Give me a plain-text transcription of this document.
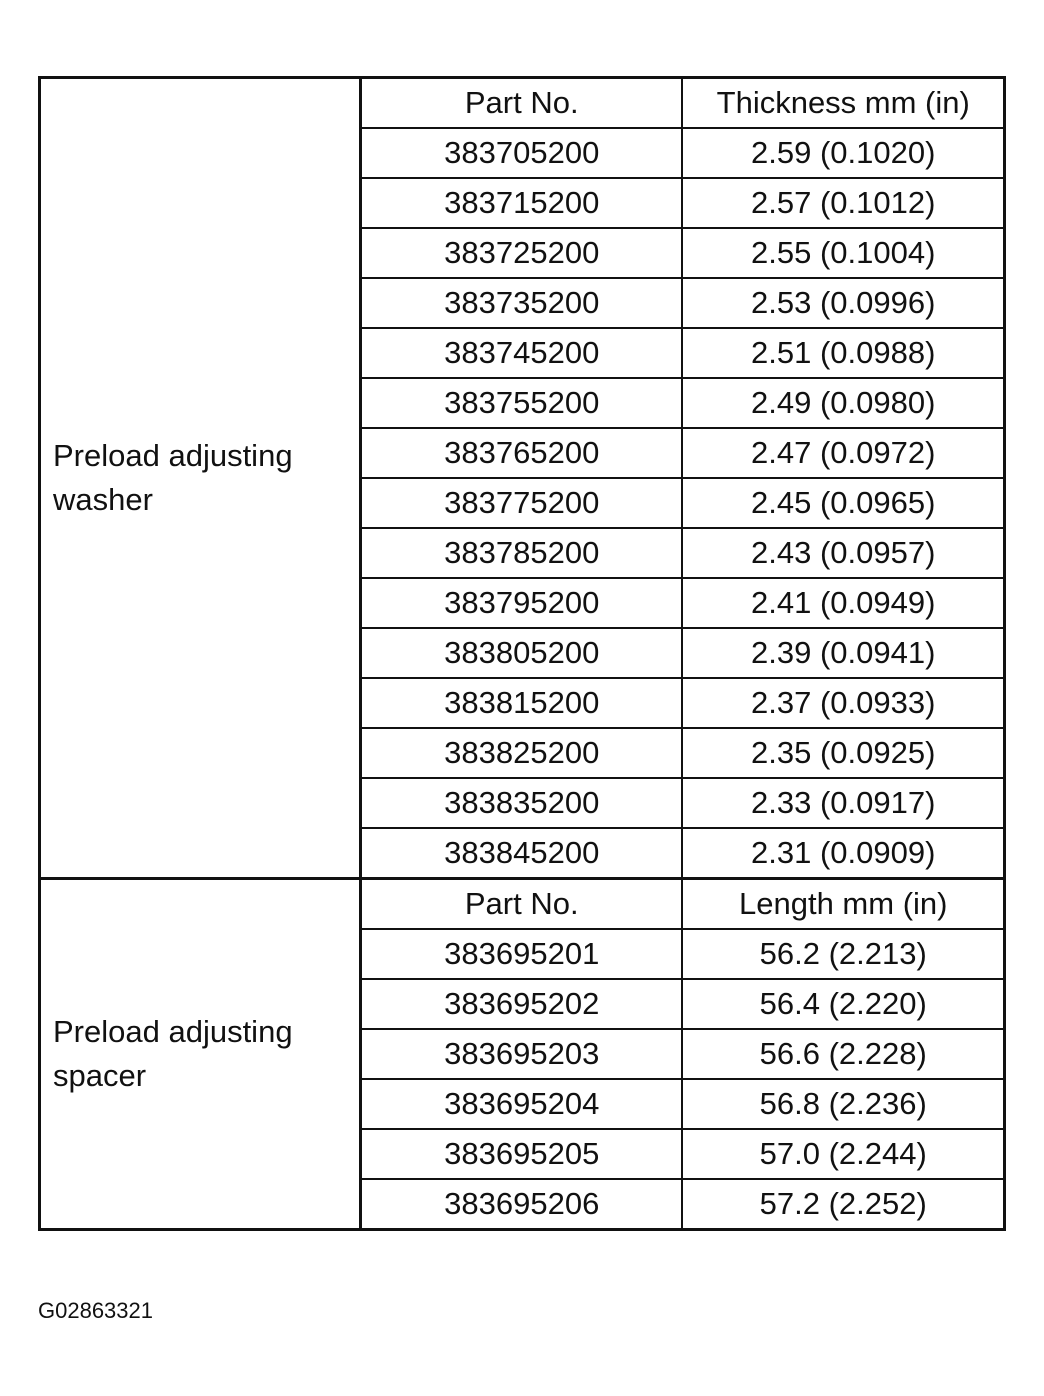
Preload adjusting washer	Part No.	Thickness mm (in)
	383705200	2.59 (0.1020)
	383715200	2.57 (0.1012)
	383725200	2.55 (0.1004)
	383735200	2.53 (0.0996)
	383745200	2.51 (0.0988)
	383755200	2.49 (0.0980)
	383765200	2.47 (0.0972)
	383775200	2.45 (0.0965)
	383785200	2.43 (0.0957)
	383795200	2.41 (0.0949)
	383805200	2.39 (0.0941)
	383815200	2.37 (0.0933)
	383825200	2.35 (0.0925)
	383835200	2.33 (0.0917)
	383845200	2.31 (0.0909)
Preload adjusting spacer	Part No.	Length mm (in)
	383695201	56.2 (2.213)
	383695202	56.4 (2.220)
	383695203	56.6 (2.228)
	383695204	56.8 (2.236)
	383695205	57.0 (2.244)
	383695206	57.2 (2.252)
G02863321
